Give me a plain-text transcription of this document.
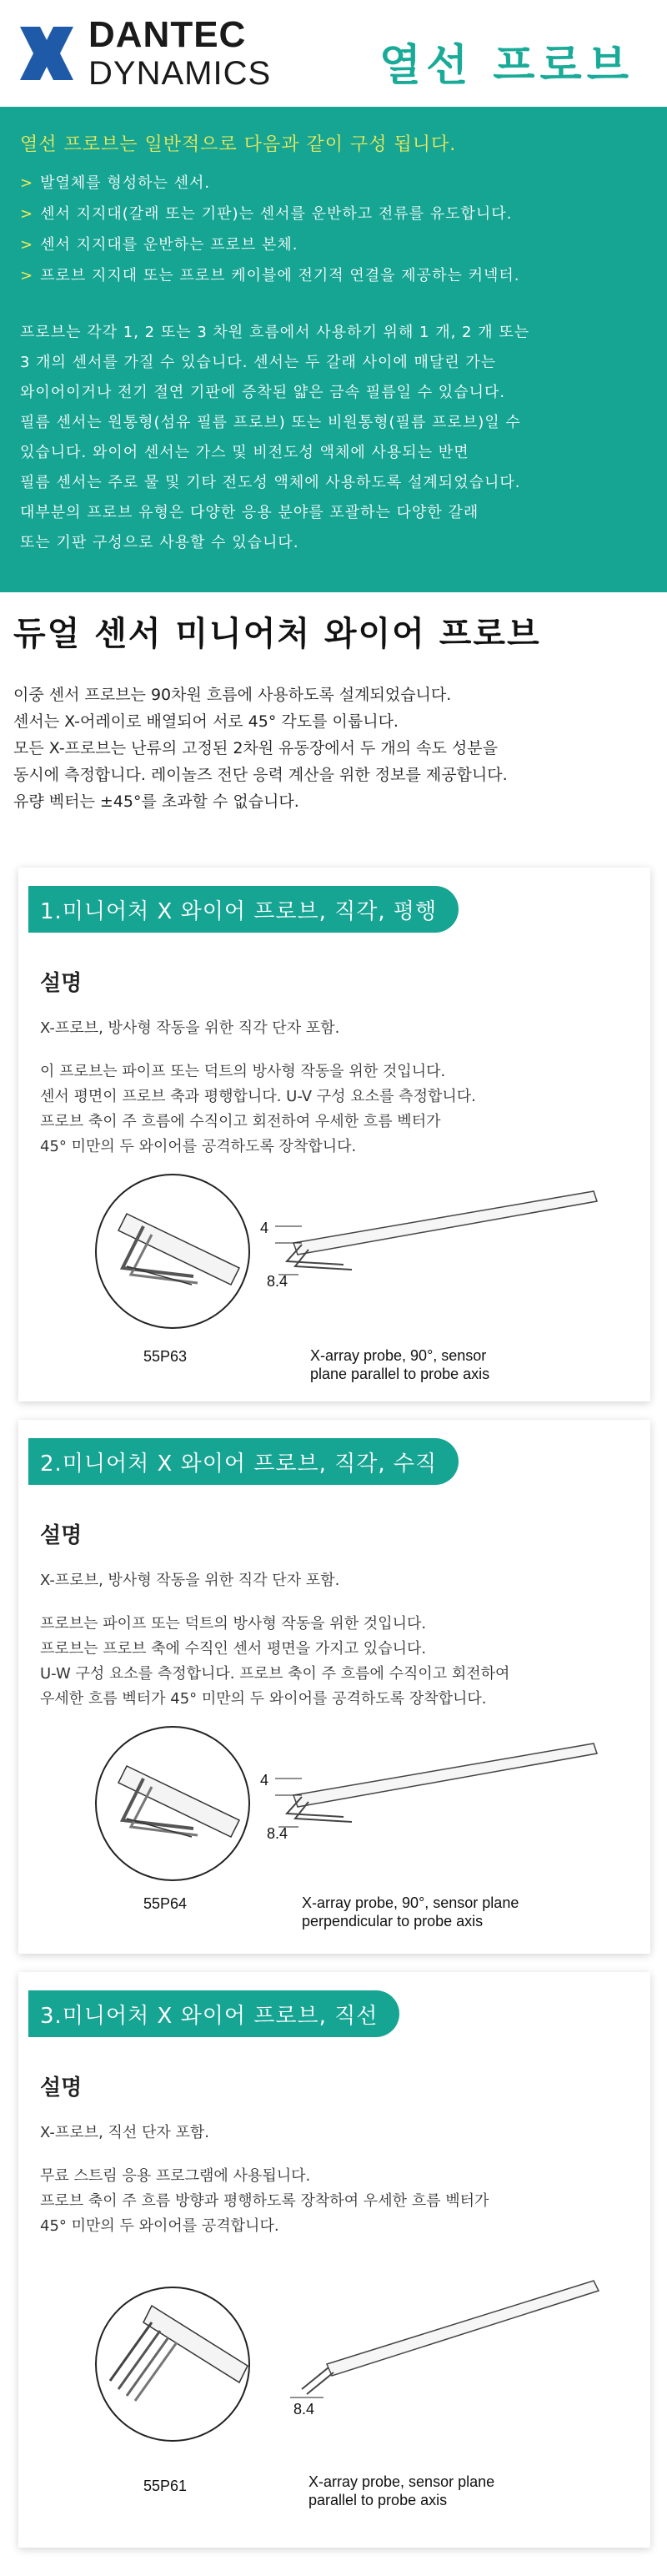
DANTEC
DYNAMICS 열선 프로브
열선 프로브는 일반적으로 다음과 같이 구성 됩니다.
> 발열체를 형성하는 센서.
> 센서 지지대(갈래 또는 기판)는 센서를 운반하고 전류를 유도합니다.
> 센서 지지대를 운반하는 프로브 본체.
> 프로브 지지대 또는 프로브 케이블에 전기적 연결을 제공하는 커넥터.
프로브는 각각 1, 2 또는 3 차원 흐름에서 사용하기 위해 1 개, 2 개 또는
3 개의 센서를 가질 수 있습니다. 센서는 두 갈래 사이에 매달린 가는
와이어이거나 전기 절연 기판에 증착된 얇은 금속 필름일 수 있습니다.
필름 센서는 원통형(섬유 필름 프로브) 또는 비원통형(필름 프로브)일 수
있습니다. 와이어 센서는 가스 및 비전도성 액체에 사용되는 반면
필름 센서는 주로 물 및 기타 전도성 액체에 사용하도록 설계되었습니다.
대부분의 프로브 유형은 다양한 응용 분야를 포괄하는 다양한 갈래
또는 기판 구성으로 사용할 수 있습니다.
듀얼 센서 미니어처 와이어 프로브
이중 센서 프로브는 90차원 흐름에 사용하도록 설계되었습니다.
센서는 X-어레이로 배열되어 서로 45° 각도를 이룹니다.
모든 X-프로브는 난류의 고정된 2차원 유동장에서 두 개의 속도 성분을
동시에 측정합니다. 레이놀즈 전단 응력 계산을 위한 정보를 제공합니다.
유량 벡터는 ±45°를 초과할 수 없습니다.
1.미니어처 X 와이어 프로브, 직각, 평행
설명
X-프로브, 방사형 작동을 위한 직각 단자 포함.
이 프로브는 파이프 또는 덕트의 방사형 작동을 위한 것입니다.
센서 평면이 프로브 축과 평행합니다. U-V 구성 요소를 측정합니다.
프로브 축이 주 흐름에 수직이고 회전하여 우세한 흐름 벡터가
45° 미만의 두 와이어를 공격하도록 장착합니다.
55P63
4
8.4
X-array probe, 90°, sensor
plane parallel to probe axis
2.미니어처 X 와이어 프로브, 직각, 수직
설명
X-프로브, 방사형 작동을 위한 직각 단자 포함.
프로브는 파이프 또는 덕트의 방사형 작동을 위한 것입니다.
프로브는 프로브 축에 수직인 센서 평면을 가지고 있습니다.
U-W 구성 요소를 측정합니다. 프로브 축이 주 흐름에 수직이고 회전하여
우세한 흐름 벡터가 45° 미만의 두 와이어를 공격하도록 장착합니다.
55P64
4
8.4
X-array probe, 90°, sensor plane
perpendicular to probe axis
3.미니어처 X 와이어 프로브, 직선
설명
X-프로브, 직선 단자 포함.
무료 스트림 응용 프로그램에 사용됩니다.
프로브 축이 주 흐름 방향과 평행하도록 장착하여 우세한 흐름 벡터가
45° 미만의 두 와이어를 공격합니다.
55P61
8.4
X-array probe, sensor plane
parallel to probe axis
